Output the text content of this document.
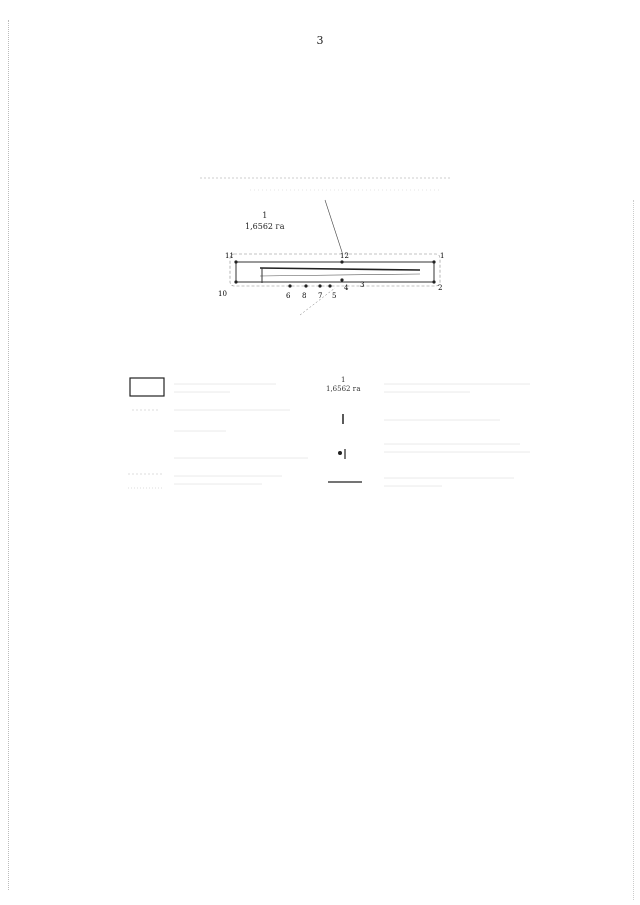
3
1
1,6562 га
1
2
3
4
5
6	7
8
10
11	12
1
1,6562 га
